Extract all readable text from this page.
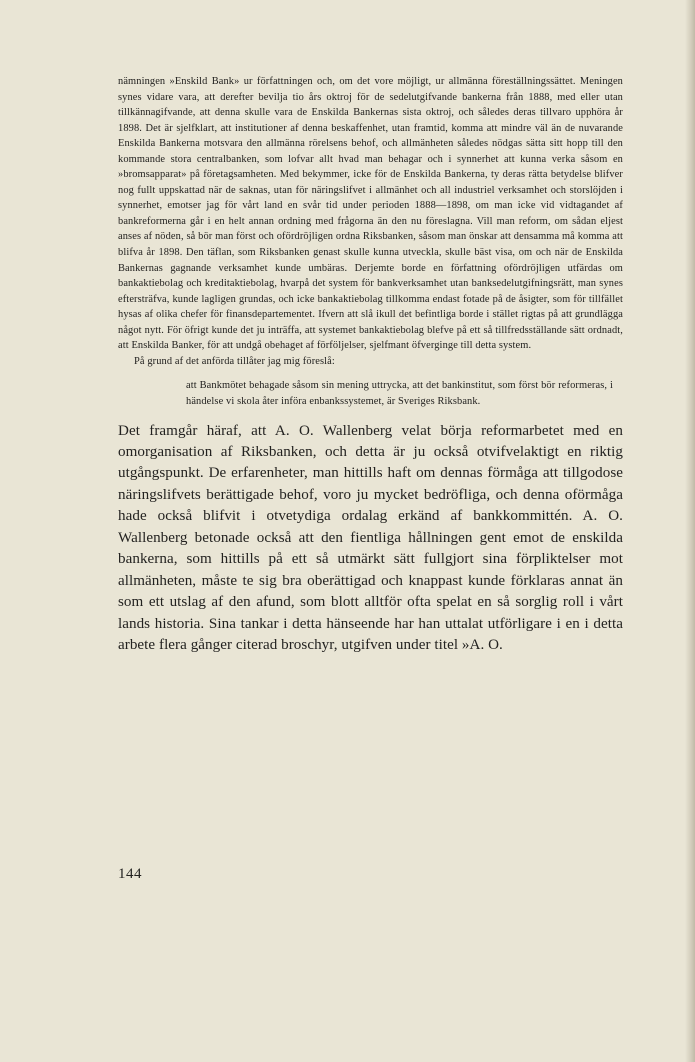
nämningen »Enskild Bank» ur författningen och, om det vore möjligt, ur allmänna föreställningssättet. Meningen synes vidare vara, att derefter bevilja tio års oktroj för de sedelutgifvande bankerna från 1888, med eller utan tillkännagifvande, att denna skulle vara de Enskilda Bankernas sista oktroj, och således deras tillvaro upphöra år 1898. Det är sjelfklart, att institutioner af denna beskaffenhet, utan framtid, komma att mindre väl än de nuvarande Enskilda Bankerna motsvara den allmänna rörelsens behof, och allmänheten således nödgas sätta sitt hopp till den kommande stora centralbanken, som lofvar allt hvad man behagar och i synnerhet att kunna verka såsom en »bromsapparat» på företagsamheten. Med bekymmer, icke för de Enskilda Bankerna, ty deras rätta betydelse blifver nog fullt uppskattad när de saknas, utan för näringslifvet i allmänhet och all industriel verksamhet och storslöjden i synnerhet, emotser jag för vårt land en svår tid under perioden 1888—1898, om man icke vid vidtagandet af bankreformerna går i en helt annan ordning med frågorna än den nu föreslagna. Vill man reform, om sådan eljest anses af nöden, så bör man först och ofördröjligen ordna Riksbanken, såsom man önskar att densamma må komma att blifva år 1898. Den täflan, som Riksbanken genast skulle kunna utveckla, skulle bäst visa, om och när de Enskilda Bankernas gagnande verksamhet kunde umbäras. Derjemte borde en författning ofördröjligen utfärdas om bankaktiebolag och kreditaktiebolag, hvarpå det system för bankverksamhet utan banksedelutgifningsrätt, man synes eftersträfva, kunde lagligen grundas, och icke bankaktiebolag tillkomma endast fotade på de åsigter, som för tillfället hysas af olika chefer för finansdepartementet. Ifvern att slå ikull det befintliga borde i stället rigtas på att grundlägga något nytt. För öfrigt kunde det ju inträffa, att systemet bankaktiebolag blefve på ett så tillfredsställande sätt ordnadt, att Enskilda Banker, för att undgå obehaget af förföljelser, sjelfmant öfverginge till detta system.

På grund af det anförda tillåter jag mig föreslå:

att Bankmötet behagade såsom sin mening uttrycka, att det bankinstitut, som först bör reformeras, i händelse vi skola åter införa enbankssystemet, är Sveriges Riksbank.

Det framgår häraf, att A. O. Wallenberg velat börja reformarbetet med en omorganisation af Riksbanken, och detta är ju också otvifvelaktigt en riktig utgångspunkt. De erfarenheter, man hittills haft om dennas förmåga att tillgodose näringslifvets berättigade behof, voro ju mycket bedröfliga, och denna oförmåga hade också blifvit i otvetydiga ordalag erkänd af bankkommittén. A. O. Wallenberg betonade också att den fientliga hållningen gent emot de enskilda bankerna, som hittills på ett så utmärkt sätt fullgjort sina förpliktelser mot allmänheten, måste te sig bra oberättigad och knappast kunde förklaras annat än som ett utslag af den afund, som blott alltför ofta spelat en så sorglig roll i vårt lands historia. Sina tankar i detta hänseende har han uttalat utförligare i en i detta arbete flera gånger citerad broschyr, utgifven under titel »A. O.

144
